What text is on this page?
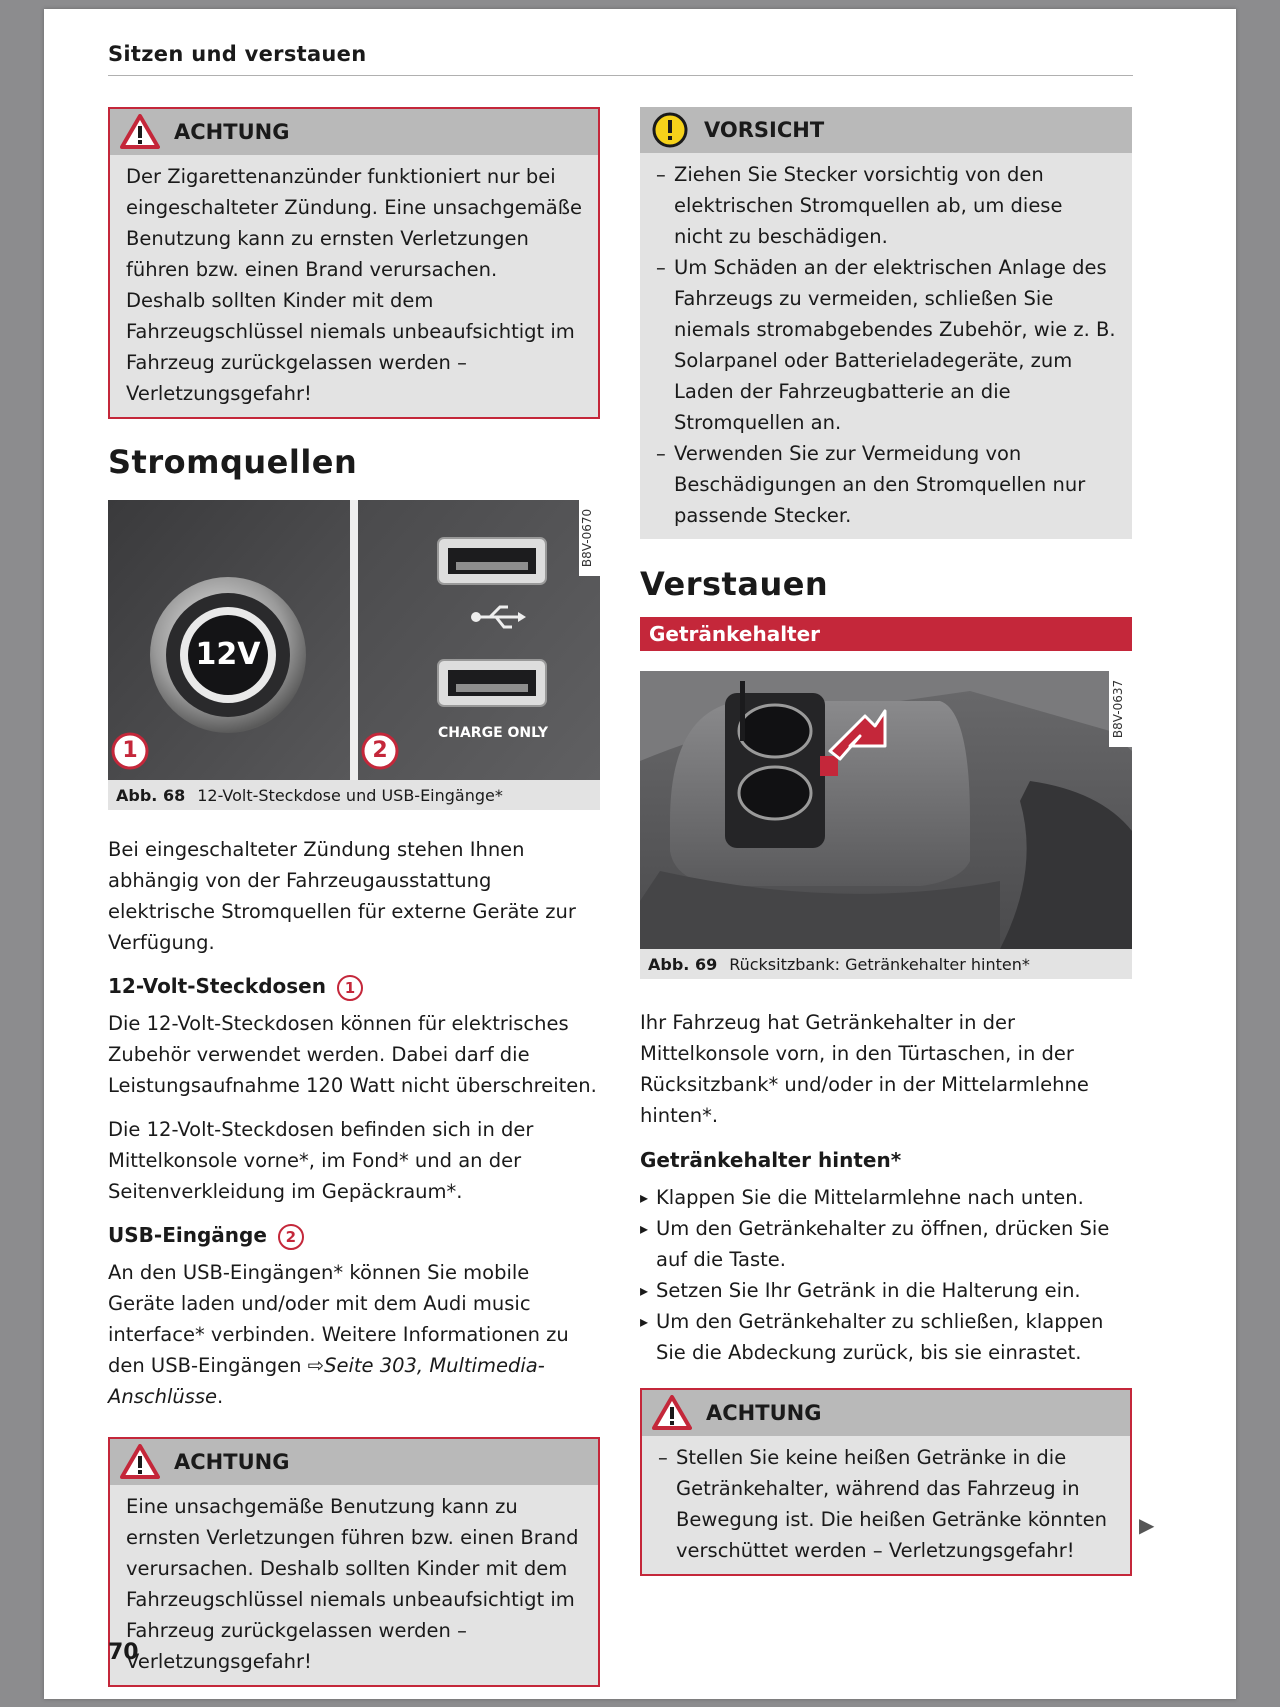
Sitzen und verstauen
ACHTUNG
Der Zigarettenanzünder funktioniert nur bei eingeschalteter Zündung. Eine unsachgemäße Benutzung kann zu ernsten Verletzungen führen bzw. einen Brand verursachen. Deshalb sollten Kinder mit dem Fahrzeugschlüssel niemals unbeaufsichtigt im Fahrzeug zurückgelassen werden – Verletzungsgefahr!
Stromquellen
12V
CHARGE ONLY
1	2
B8V-0670
Abb. 68 12-Volt-Steckdose und USB-Eingänge*
Bei eingeschalteter Zündung stehen Ihnen abhängig von der Fahrzeugausstattung elektrische Stromquellen für externe Geräte zur Verfügung.
12-Volt-Steckdosen 1
Die 12-Volt-Steckdosen können für elektrisches Zubehör verwendet werden. Dabei darf die Leistungsaufnahme 120 Watt nicht überschreiten.
Die 12-Volt-Steckdosen befinden sich in der Mittelkonsole vorne*, im Fond* und an der Seitenverkleidung im Gepäckraum*.
USB-Eingänge 2
An den USB-Eingängen* können Sie mobile Geräte laden und/oder mit dem Audi music interface* verbinden. Weitere Informationen zu den USB-Eingängen ⇨Seite 303, Multimedia-Anschlüsse.
ACHTUNG
Eine unsachgemäße Benutzung kann zu ernsten Verletzungen führen bzw. einen Brand verursachen. Deshalb sollten Kinder mit dem Fahrzeugschlüssel niemals unbeaufsichtigt im Fahrzeug zurückgelassen werden – Verletzungsgefahr!
VORSICHT
– Ziehen Sie Stecker vorsichtig von den elektrischen Stromquellen ab, um diese nicht zu beschädigen.
– Um Schäden an der elektrischen Anlage des Fahrzeugs zu vermeiden, schließen Sie niemals stromabgebendes Zubehör, wie z. B. Solarpanel oder Batterieladegeräte, zum Laden der Fahrzeugbatterie an die Stromquellen an.
– Verwenden Sie zur Vermeidung von Beschädigungen an den Stromquellen nur passende Stecker.
Verstauen
Getränkehalter
B8V-0637
Abb. 69 Rücksitzbank: Getränkehalter hinten*
Ihr Fahrzeug hat Getränkehalter in der Mittelkonsole vorn, in den Türtaschen, in der Rücksitzbank* und/oder in der Mittelarmlehne hinten*.
Getränkehalter hinten*
▸ Klappen Sie die Mittelarmlehne nach unten.
▸ Um den Getränkehalter zu öffnen, drücken Sie auf die Taste.
▸ Setzen Sie Ihr Getränk in die Halterung ein.
▸ Um den Getränkehalter zu schließen, klappen Sie die Abdeckung zurück, bis sie einrastet.
ACHTUNG
– Stellen Sie keine heißen Getränke in die Getränkehalter, während das Fahrzeug in Bewegung ist. Die heißen Getränke könnten verschüttet werden – Verletzungsgefahr!
▶
70
